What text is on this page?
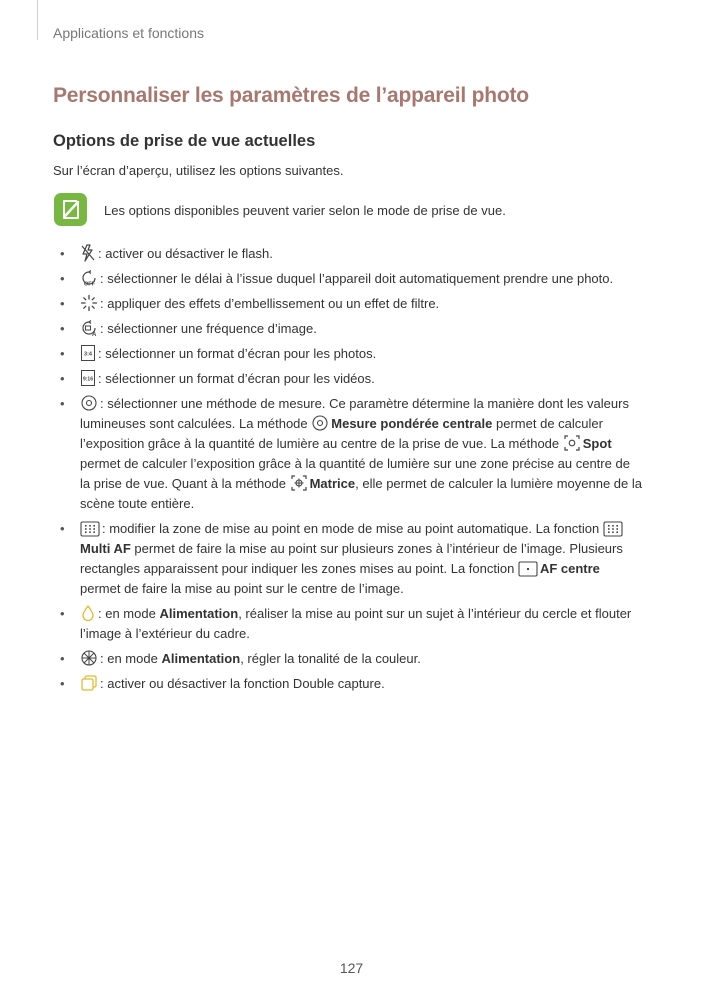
Applications et fonctions
Personnaliser les paramètres de l’appareil photo
Options de prise de vue actuelles
Sur l’écran d’aperçu, utilisez les options suivantes.
Les options disponibles peuvent varier selon le mode de prise de vue.
• : activer ou désactiver le flash.
• OFF : sélectionner le délai à l’issue duquel l’appareil doit automatiquement prendre une photo.
• : appliquer des effets d’embellissement ou un effet de filtre.
• A : sélectionner une fréquence d’image.
• 3:4 : sélectionner un format d’écran pour les photos.
• 9:16 : sélectionner un format d’écran pour les vidéos.
• : sélectionner une méthode de mesure. Ce paramètre détermine la manière dont les valeurs lumineuses sont calculées. La méthode Mesure pondérée centrale permet de calculer l’exposition grâce à la quantité de lumière au centre de la prise de vue. La méthode Spot permet de calculer l’exposition grâce à la quantité de lumière sur une zone précise au centre de la prise de vue. Quant à la méthode Matrice, elle permet de calculer la lumière moyenne de la scène toute entière.
• : modifier la zone de mise au point en mode de mise au point automatique. La fonction

Multi AF permet de faire la mise au point sur plusieurs zones à l’intérieur de l’image. Plusieurs rectangles apparaissent pour indiquer les zones mises au point. La fonction AF centre permet de faire la mise au point sur le centre de l’image.
• : en mode Alimentation, réaliser la mise au point sur un sujet à l’intérieur du cercle et flouter l’image à l’extérieur du cadre.
• : en mode Alimentation, régler la tonalité de la couleur.
• : activer ou désactiver la fonction Double capture.
127
